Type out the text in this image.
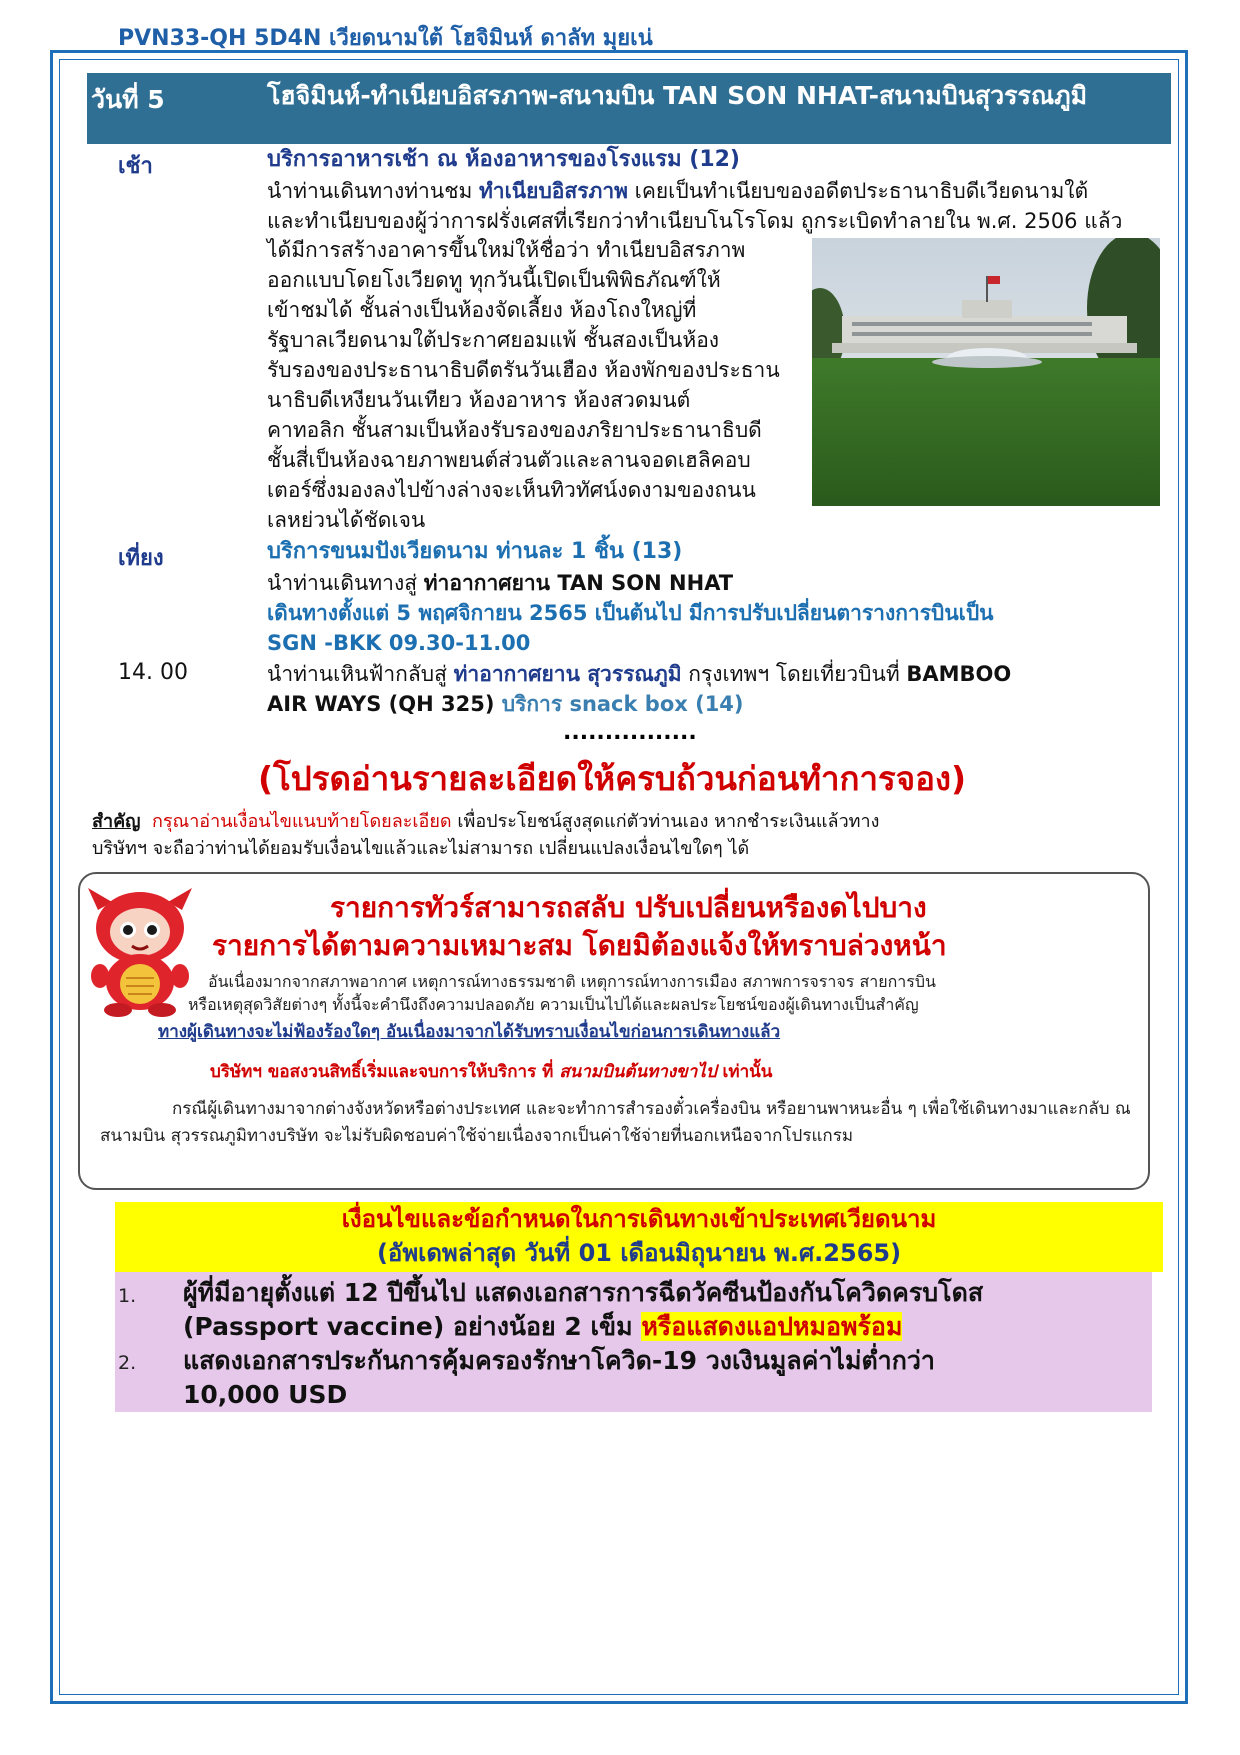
PVN33-QH 5D4N เวียดนามใต้ โฮจิมินห์ ดาลัท มุยเน่
วันที่ 5	โฮจิมินห์-ทำเนียบอิสรภาพ-สนามบิน TAN SON NHAT-สนามบินสุวรรณภูมิ
เช้า	บริการอาหารเช้า ณ ห้องอาหารของโรงแรม (12)
นำท่านเดินทางท่านชม ทำเนียบอิสรภาพ เคยเป็นทำเนียบของอดีตประธานาธิบดีเวียดนามใต้
และทำเนียบของผู้ว่าการฝรั่งเศสที่เรียกว่าทำเนียบโนโรโดม ถูกระเบิดทำลายใน พ.ศ. 2506 แล้ว
ได้มีการสร้างอาคารขึ้นใหม่ให้ชื่อว่า ทำเนียบอิสรภาพ
ออกแบบโดยโงเวียดทู ทุกวันนี้เปิดเป็นพิพิธภัณฑ์ให้
เข้าชมได้ ชั้นล่างเป็นห้องจัดเลี้ยง ห้องโถงใหญ่ที่
รัฐบาลเวียดนามใต้ประกาศยอมแพ้ ชั้นสองเป็นห้อง
รับรองของประธานาธิบดีตรันวันเฮือง ห้องพักของประธาน
นาธิบดีเหงียนวันเทียว ห้องอาหาร ห้องสวดมนต์
คาทอลิก ชั้นสามเป็นห้องรับรองของภริยาประธานาธิบดี
ชั้นสี่เป็นห้องฉายภาพยนต์ส่วนตัวและลานจอดเฮลิคอบ
เตอร์ซึ่งมองลงไปข้างล่างจะเห็นทิวทัศน์งดงามของถนน
เลหย่วนได้ชัดเจน
เที่ยง	บริการขนมปังเวียดนาม ท่านละ 1 ชิ้น (13)
นำท่านเดินทางสู่ ท่าอากาศยาน TAN SON NHAT
เดินทางตั้งแต่ 5 พฤศจิกายน 2565 เป็นต้นไป มีการปรับเปลี่ยนตารางการบินเป็น
SGN -BKK 09.30-11.00
14. 00	นำท่านเหินฟ้ากลับสู่ ท่าอากาศยาน สุวรรณภูมิ กรุงเทพฯ โดยเที่ยวบินที่ BAMBOO
AIR WAYS (QH 325) บริการ snack box (14)
................
(โปรดอ่านรายละเอียดให้ครบถ้วนก่อนทำการจอง)
สำคัญ กรุณาอ่านเงื่อนไขแนบท้ายโดยละเอียด เพื่อประโยชน์สูงสุดแก่ตัวท่านเอง หากชำระเงินแล้วทาง
บริษัทฯ จะถือว่าท่านได้ยอมรับเงื่อนไขแล้วและไม่สามารถ เปลี่ยนแปลงเงื่อนไขใดๆ ได้
รายการทัวร์สามารถสลับ ปรับเปลี่ยนหรืองดไปบาง
รายการได้ตามความเหมาะสม โดยมิต้องแจ้งให้ทราบล่วงหน้า
อันเนื่องมากจากสภาพอากาศ เหตุการณ์ทางธรรมชาติ เหตุการณ์ทางการเมือง สภาพการจราจร สายการบิน
หรือเหตุสุดวิสัยต่างๆ ทั้งนี้จะคำนึงถึงความปลอดภัย ความเป็นไปได้และผลประโยชน์ของผู้เดินทางเป็นสำคัญ
ทางผู้เดินทางจะไม่ฟ้องร้องใดๆ อันเนื่องมาจากได้รับทราบเงื่อนไขก่อนการเดินทางแล้ว
บริษัทฯ ขอสงวนสิทธิ์เริ่มและจบการให้บริการ ที่ สนามบินต้นทางขาไป เท่านั้น
กรณีผู้เดินทางมาจากต่างจังหวัดหรือต่างประเทศ และจะทำการสำรองตั๋วเครื่องบิน หรือยานพาหนะอื่น ๆ เพื่อใช้เดินทางมาและกลับ ณ สนามบิน สุวรรณภูมิทางบริษัท จะไม่รับผิดชอบค่าใช้จ่ายเนื่องจากเป็นค่าใช้จ่ายที่นอกเหนือจากโปรแกรม
เงื่อนไขและข้อกำหนดในการเดินทางเข้าประเทศเวียดนาม
(อัพเดพล่าสุด วันที่ 01 เดือนมิถุนายน พ.ศ.2565)
1. ผู้ที่มีอายุตั้งแต่ 12 ปีขึ้นไป แสดงเอกสารการฉีดวัคซีนป้องกันโควิดครบโดส
(Passport vaccine) อย่างน้อย 2 เข็ม หรือแสดงแอปหมอพร้อม
2. แสดงเอกสารประกันการคุ้มครองรักษาโควิด-19 วงเงินมูลค่าไม่ต่ำกว่า
10,000 USD
